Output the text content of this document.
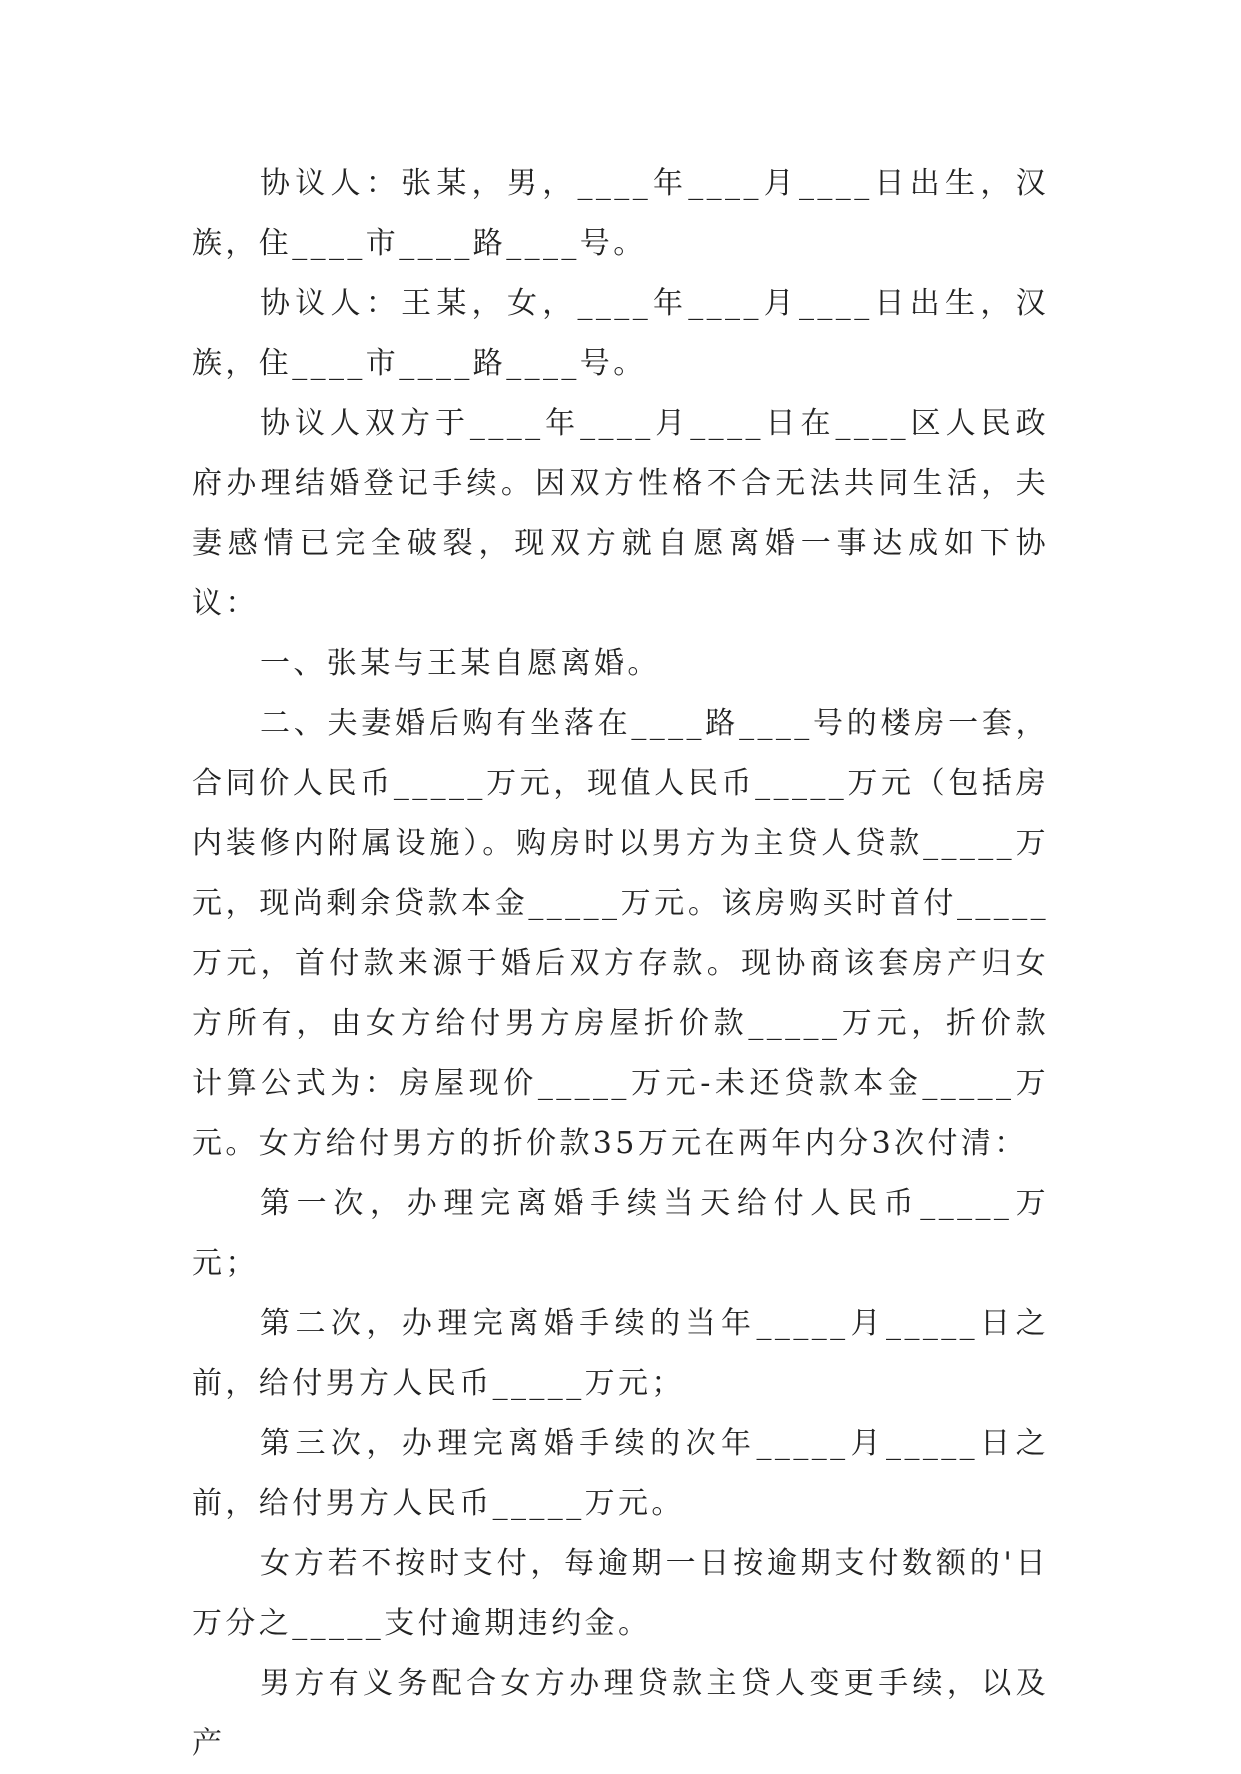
协议人：张某，男，____年____月____日出生，汉族，住____市____路____号。

协议人：王某，女，____年____月____日出生，汉族，住____市____路____号。

协议人双方于____年____月____日在____区人民政府办理结婚登记手续。因双方性格不合无法共同生活，夫妻感情已完全破裂，现双方就自愿离婚一事达成如下协议：

一、张某与王某自愿离婚。

二、夫妻婚后购有坐落在____路____号的楼房一套，合同价人民币_____万元，现值人民币_____万元（包括房内装修内附属设施）。购房时以男方为主贷人贷款_____万元，现尚剩余贷款本金_____万元。该房购买时首付_____万元，首付款来源于婚后双方存款。现协商该套房产归女方所有，由女方给付男方房屋折价款_____万元，折价款计算公式为：房屋现价_____万元-未还贷款本金_____万元。女方给付男方的折价款35万元在两年内分3次付清：

第一次，办理完离婚手续当天给付人民币_____万元；

第二次，办理完离婚手续的当年_____月_____日之前，给付男方人民币_____万元；

第三次，办理完离婚手续的次年_____月_____日之前，给付男方人民币_____万元。

女方若不按时支付，每逾期一日按逾期支付数额的'日万分之_____支付逾期违约金。

男方有义务配合女方办理贷款主贷人变更手续，以及产
